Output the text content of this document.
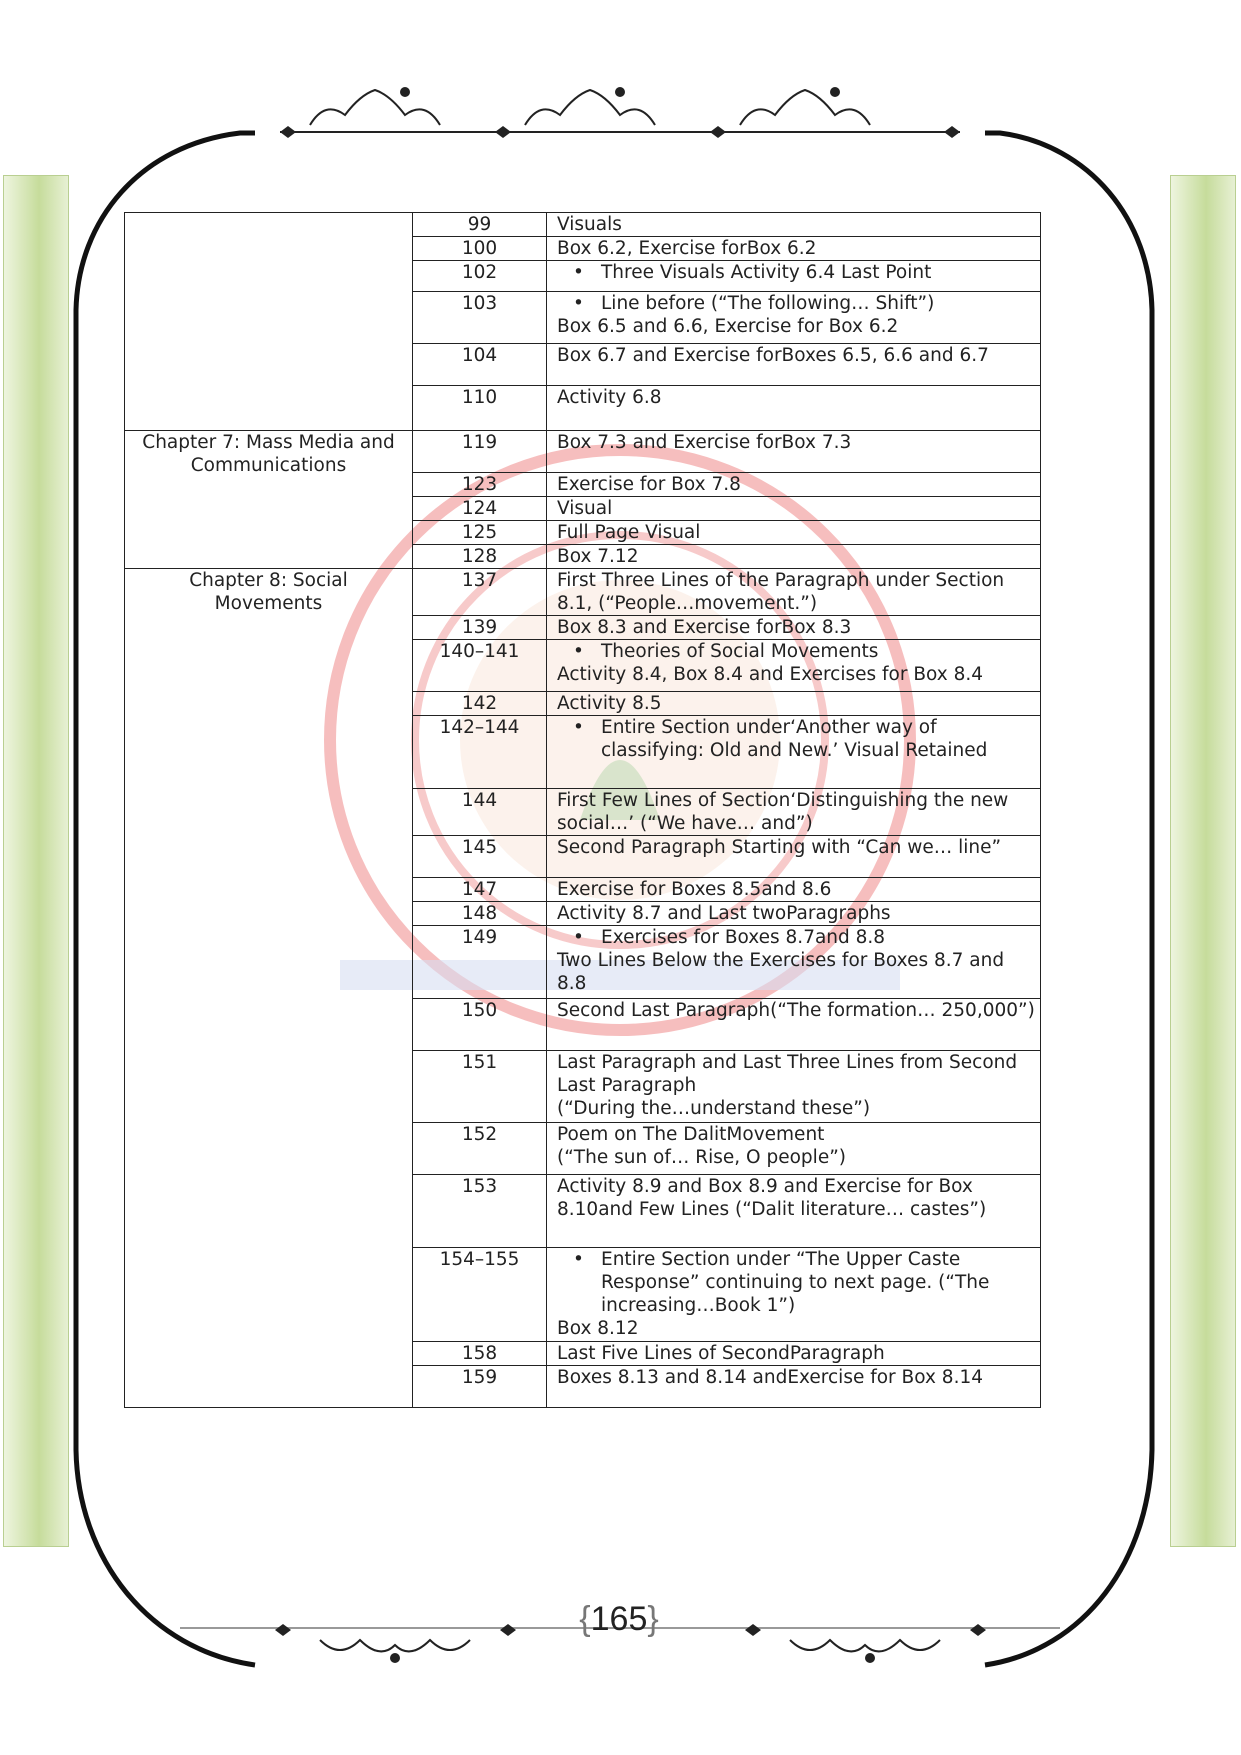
	99	Visuals

	100	Box 6.2, Exercise forBox 6.2

	102	• Three Visuals Activity 6.4 Last Point

	103	• Line before (“The following… Shift”)
Box 6.5 and 6.6, Exercise for Box 6.2

	104	Box 6.7 and Exercise forBoxes 6.5, 6.6 and 6.7

	110	Activity 6.8

Chapter 7: Mass Media and Communications	119	Box 7.3 and Exercise forBox 7.3

	123	Exercise for Box 7.8

	124	Visual

	125	Full Page Visual

	128	Box 7.12

Chapter 8: Social Movements	137	First Three Lines of the Paragraph under Section 8.1, (“People…movement.”)

	139	Box 8.3 and Exercise forBox 8.3

	140–141	• Theories of Social Movements
Activity 8.4, Box 8.4 and Exercises for Box 8.4

	142	Activity 8.5

	142–144	• Entire Section under‘Another way of classifying: Old and New.’ Visual Retained

	144	First Few Lines of Section‘Distinguishing the new social…’ (“We have… and”)

	145	Second Paragraph Starting with “Can we… line”

	147	Exercise for Boxes 8.5and 8.6

	148	Activity 8.7 and Last twoParagraphs

	149	• Exercises for Boxes 8.7and 8.8
Two Lines Below the Exercises for Boxes 8.7 and 8.8

	150	Second Last Paragraph(“The formation… 250,000”)

	151	Last Paragraph and Last Three Lines from Second Last Paragraph
(“During the…understand these”)

	152	Poem on The DalitMovement
(“The sun of… Rise, O people”)

	153	Activity 8.9 and Box 8.9 and Exercise for Box 8.10and Few Lines (“Dalit literature… castes”)

	154–155	• Entire Section under “The Upper Caste Response” continuing to next page. (“The increasing…Book 1”)
Box 8.12

	158	Last Five Lines of SecondParagraph

	159	Boxes 8.13 and 8.14 andExercise for Box 8.14
{165}
